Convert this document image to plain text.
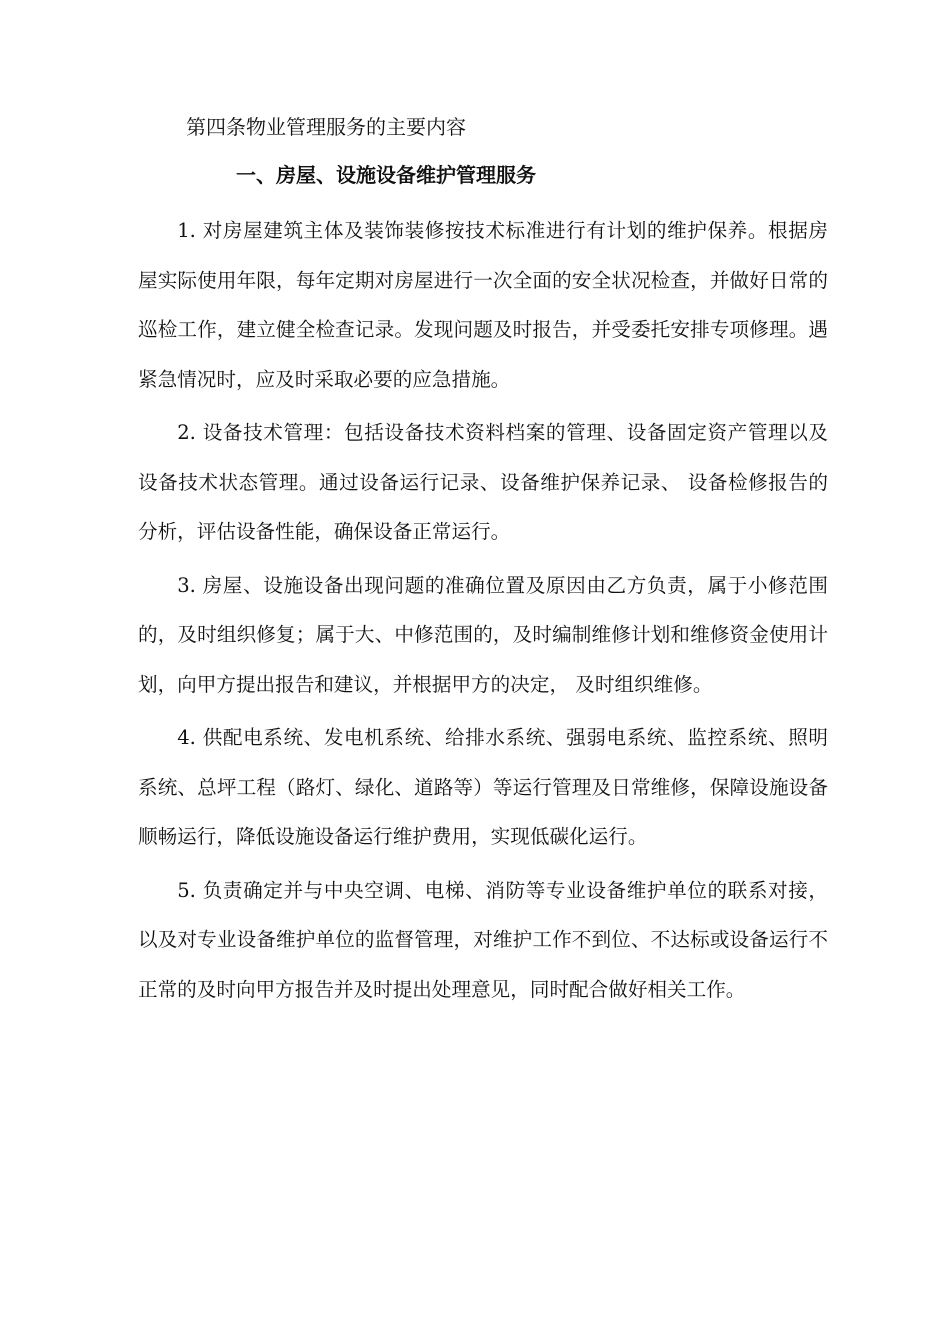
第四条物业管理服务的主要内容
一、房屋、设施设备维护管理服务

1. 对房屋建筑主体及装饰装修按技术标准进行有计划的维护保养。根据房屋实际使用年限，每年定期对房屋进行一次全面的安全状况检查，并做好日常的巡检工作，建立健全检查记录。发现问题及时报告，并受委托安排专项修理。遇紧急情况时，应及时采取必要的应急措施。

2. 设备技术管理：包括设备技术资料档案的管理、设备固定资产管理以及设备技术状态管理。通过设备运行记录、设备维护保养记录、 设备检修报告的分析，评估设备性能，确保设备正常运行。

3. 房屋、设施设备出现问题的准确位置及原因由乙方负责，属于小修范围的，及时组织修复；属于大、中修范围的，及时编制维修计划和维修资金使用计划，向甲方提出报告和建议，并根据甲方的决定， 及时组织维修。

4. 供配电系统、发电机系统、给排水系统、强弱电系统、监控系统、照明系统、总坪工程（路灯、绿化、道路等）等运行管理及日常维修，保障设施设备顺畅运行，降低设施设备运行维护费用，实现低碳化运行。

5. 负责确定并与中央空调、电梯、消防等专业设备维护单位的联系对接，以及对专业设备维护单位的监督管理，对维护工作不到位、不达标或设备运行不正常的及时向甲方报告并及时提出处理意见，同时配合做好相关工作。
